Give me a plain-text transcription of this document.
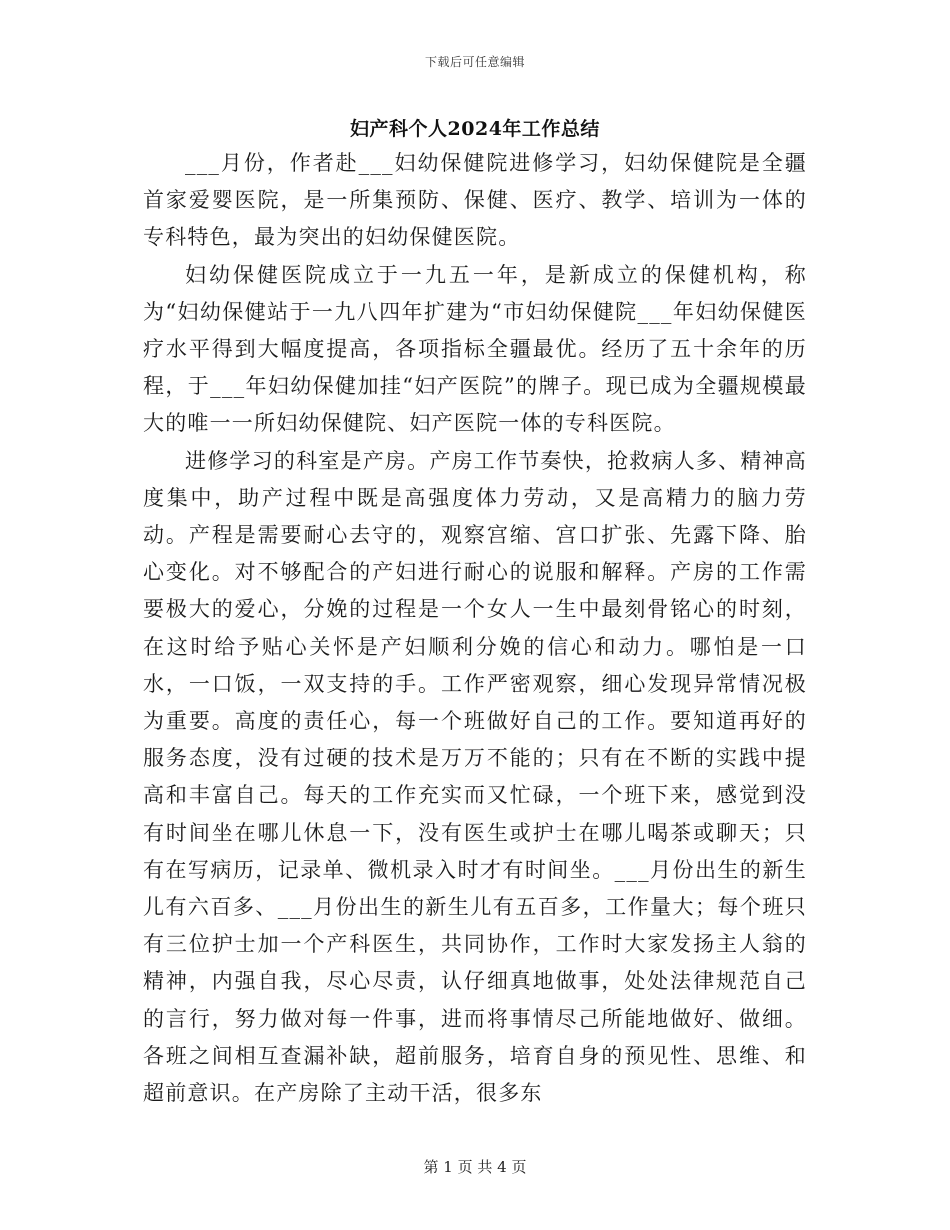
下载后可任意编辑
妇产科个人2024年工作总结

___月份，作者赴___妇幼保健院进修学习，妇幼保健院是全疆首家爱婴医院，是一所集预防、保健、医疗、教学、培训为一体的专科特色，最为突出的妇幼保健医院。

妇幼保健医院成立于一九五一年，是新成立的保健机构，称为“妇幼保健站于一九八四年扩建为“市妇幼保健院___年妇幼保健医疗水平得到大幅度提高，各项指标全疆最优。经历了五十余年的历程，于___年妇幼保健加挂“妇产医院”的牌子。现已成为全疆规模最大的唯一一所妇幼保健院、妇产医院一体的专科医院。

进修学习的科室是产房。产房工作节奏快，抢救病人多、精神高度集中，助产过程中既是高强度体力劳动，又是高精力的脑力劳动。产程是需要耐心去守的，观察宫缩、宫口扩张、先露下降、胎心变化。对不够配合的产妇进行耐心的说服和解释。产房的工作需要极大的爱心，分娩的过程是一个女人一生中最刻骨铭心的时刻，在这时给予贴心关怀是产妇顺利分娩的信心和动力。哪怕是一口水，一口饭，一双支持的手。工作严密观察，细心发现异常情况极为重要。高度的责任心，每一个班做好自己的工作。要知道再好的服务态度，没有过硬的技术是万万不能的；只有在不断的实践中提高和丰富自己。每天的工作充实而又忙碌，一个班下来，感觉到没有时间坐在哪儿休息一下，没有医生或护士在哪儿喝茶或聊天；只有在写病历，记录单、微机录入时才有时间坐。___月份出生的新生儿有六百多、___月份出生的新生儿有五百多，工作量大；每个班只有三位护士加一个产科医生，共同协作，工作时大家发扬主人翁的精神，内强自我，尽心尽责，认仔细真地做事，处处法律规范自己的言行，努力做对每一件事，进而将事情尽己所能地做好、做细。各班之间相互查漏补缺，超前服务，培育自身的预见性、思维、和超前意识。在产房除了主动干活，很多东

第 1 页 共 4 页
